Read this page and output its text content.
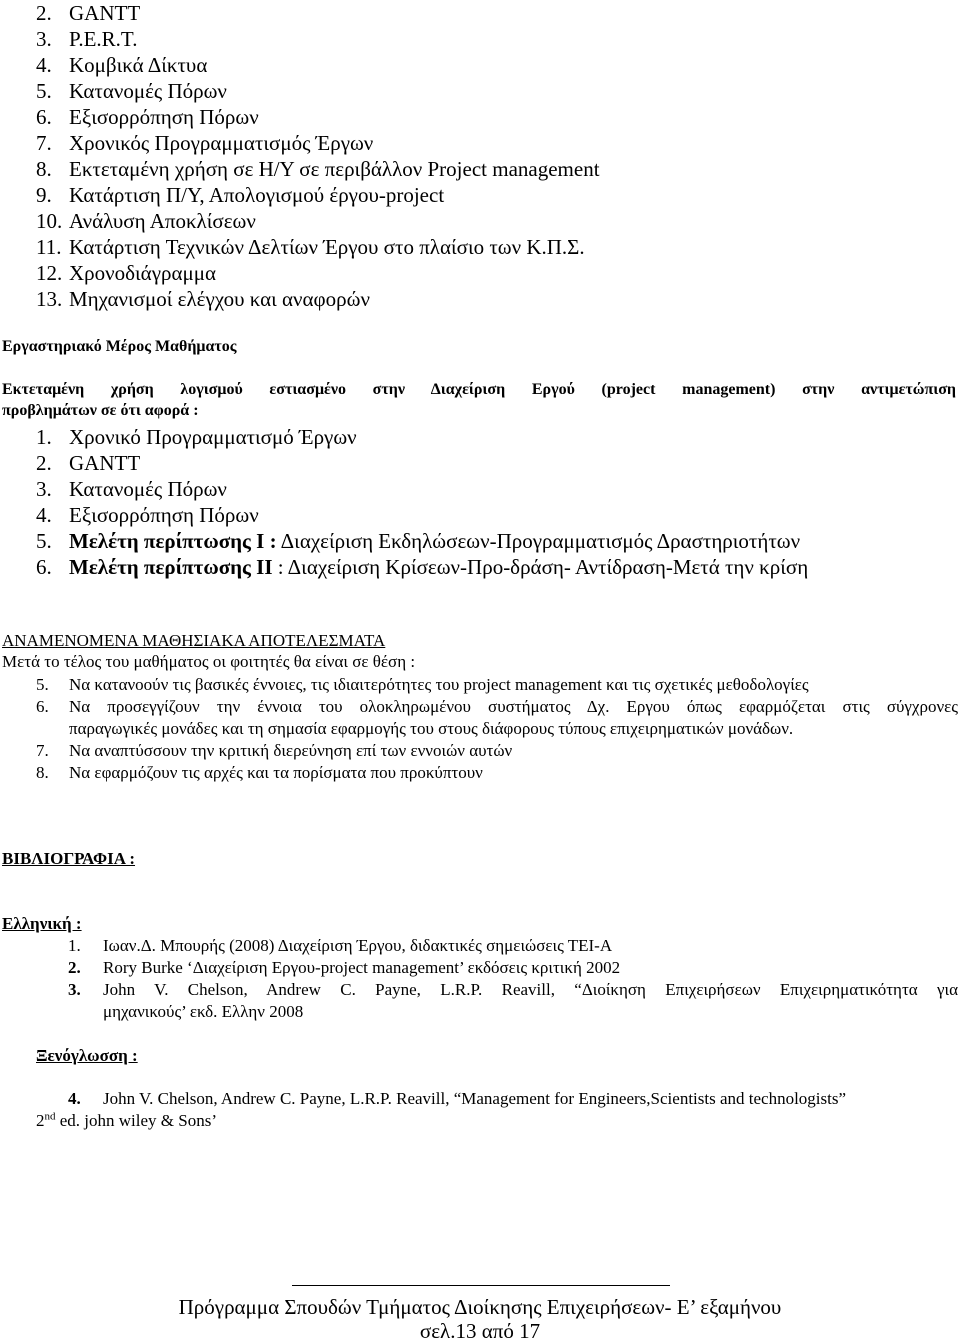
2. GANTT
3. P.E.R.T.
4. Κομβικά Δίκτυα
5. Κατανομές Πόρων
6. Εξισορρόπηση Πόρων
7. Χρονικός Προγραμματισμός Έργων
8. Εκτεταμένη χρήση σε Η/Υ σε περιβάλλον Project management
9. Κατάρτιση Π/Υ, Απολογισμού έργου-project
10. Ανάλυση Αποκλίσεων
11. Κατάρτιση Τεχνικών Δελτίων Έργου στο πλαίσιο των Κ.Π.Σ.
12. Χρονοδιάγραμμα
13. Μηχανισμοί ελέγχου και αναφορών
Εργαστηριακό Μέρος Μαθήματος
Εκτεταμένη χρήση λογισμού εστιασμένο στην Διαχείριση Εργού (project management) στην αντιμετώπιση
προβλημάτων σε ότι αφορά :
1. Χρονικό Προγραμματισμό Έργων
2. GANTT
3. Κατανομές Πόρων
4. Εξισορρόπηση Πόρων
5. Μελέτη περίπτωσης Ι : Διαχείριση Εκδηλώσεων-Προγραμματισμός Δραστηριοτήτων
6. Μελέτη περίπτωσης ΙΙ : Διαχείριση Κρίσεων-Προ-δράση- Αντίδραση-Μετά την κρίση
ΑΝΑΜΕΝΟΜΕΝΑ ΜΑΘΗΣΙΑΚΑ ΑΠΟΤΕΛΕΣΜΑΤΑ
Μετά το τέλος του μαθήματος οι φοιτητές θα είναι σε θέση :
5. Να κατανοούν τις βασικές έννοιες, τις ιδιαιτερότητες του project management και τις σχετικές μεθοδολογίες
6. Να προσεγγίζουν την έννοια του ολοκληρωμένου συστήματος Δχ. Εργου όπως εφαρμόζεται στις σύγχρονες
παραγωγικές μονάδες και τη σημασία εφαρμογής του στους διάφορους τύπους επιχειρηματικών μονάδων.
7. Να αναπτύσσουν την κριτική διερεύνηση επί των εννοιών αυτών
8. Να εφαρμόζουν τις αρχές και τα πορίσματα που προκύπτουν
ΒΙΒΛΙΟΓΡΑΦΙΑ :
Ελληνική :
1. Ιωαν.Δ. Μπουρής (2008) Διαχείριση Έργου, διδακτικές σημειώσεις ΤΕΙ-Α
2. Rory Burke ‘Διαχείριση Εργου-project management’ εκδόσεις κριτική 2002
3. John V. Chelson, Andrew C. Payne, L.R.P. Reavill, “Διοίκηση Επιχειρήσεων Επιχειρηματικότητα για
μηχανικούς’ εκδ. Ελλην 2008
Ξενόγλωσση :
4. John V. Chelson, Andrew C. Payne, L.R.P. Reavill, “Management for Engineers,Scientists and technologists”
2nd ed. john wiley & Sons’
Πρόγραμμα Σπουδών Τμήματος Διοίκησης Επιχειρήσεων- Ε’ εξαμήνου
σελ.13 από 17
